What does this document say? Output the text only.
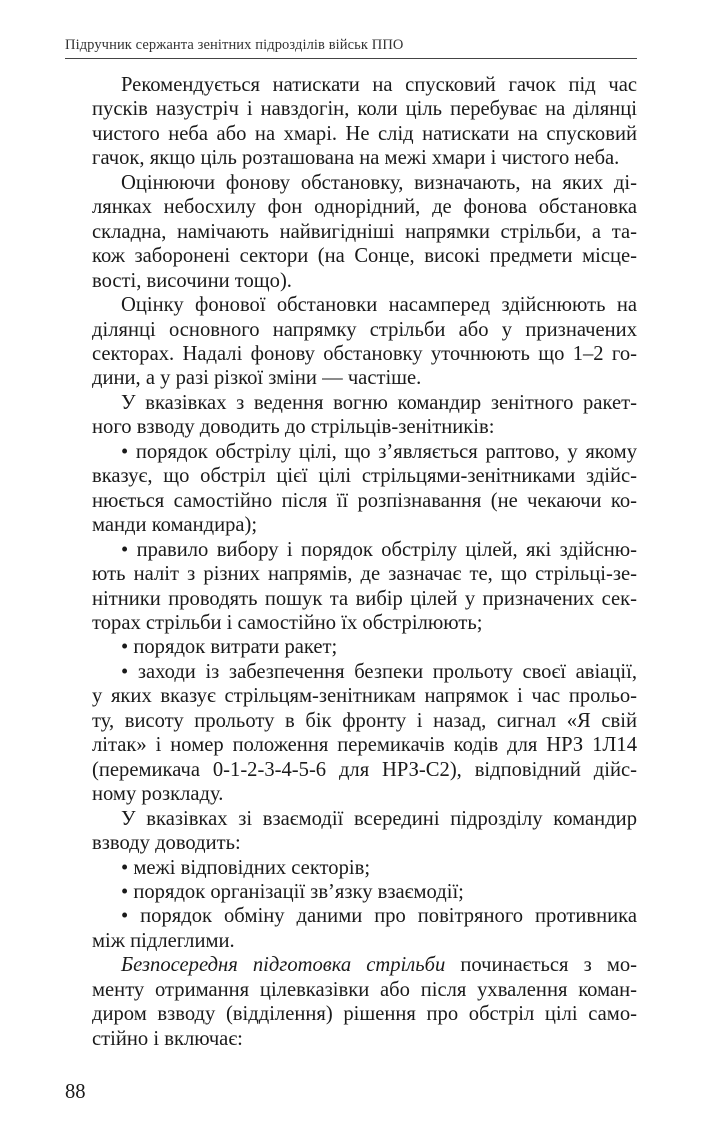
Підручник сержанта зенітних підрозділів військ ППО
Рекомендується натискати на спусковий гачок під час
пусків назустріч і навздогін, коли ціль перебуває на ділянці
чистого неба або на хмарі. Не слід натискати на спусковий
гачок, якщо ціль розташована на межі хмари і чистого неба.
Оцінюючи фонову обстановку, визначають, на яких ді-
лянках небосхилу фон однорідний, де фонова обстановка
складна, намічають найвигідніші напрямки стрільби, а та-
кож заборонені сектори (на Сонце, високі предмети місце-
вості, височини тощо).
Оцінку фонової обстановки насамперед здійснюють на
ділянці основного напрямку стрільби або у призначених
секторах. Надалі фонову обстановку уточнюють що 1–2 го-
дини, а у разі різкої зміни — частіше.
У вказівках з ведення вогню командир зенітного ракет-
ного взводу доводить до стрільців-зенітників:
• порядок обстрілу цілі, що з’являється раптово, у якому
вказує, що обстріл цієї цілі стрільцями-зенітниками здійс-
нюється самостійно після її розпізнавання (не чекаючи ко-
манди командира);
• правило вибору і порядок обстрілу цілей, які здійсню-
ють наліт з різних напрямів, де зазначає те, що стрільці-зе-
нітники проводять пошук та вибір цілей у призначених сек-
торах стрільби і самостійно їх обстрілюють;
• порядок витрати ракет;
• заходи із забезпечення безпеки прольоту своєї авіації,
у яких вказує стрільцям-зенітникам напрямок і час прольо-
ту, висоту прольоту в бік фронту і назад, сигнал «Я свій
літак» і номер положення перемикачів кодів для НРЗ 1Л14
(перемикача 0-1-2-3-4-5-6 для НРЗ-С2), відповідний дійс-
ному розкладу.
У вказівках зі взаємодії всередині підрозділу командир
взводу доводить:
• межі відповідних секторів;
• порядок організації зв’язку взаємодії;
• порядок обміну даними про повітряного противника
між підлеглими.
Безпосередня підготовка стрільби починається з мо-
менту отримання цілевказівки або після ухвалення коман-
диром взводу (відділення) рішення про обстріл цілі само-
стійно і включає:
88
